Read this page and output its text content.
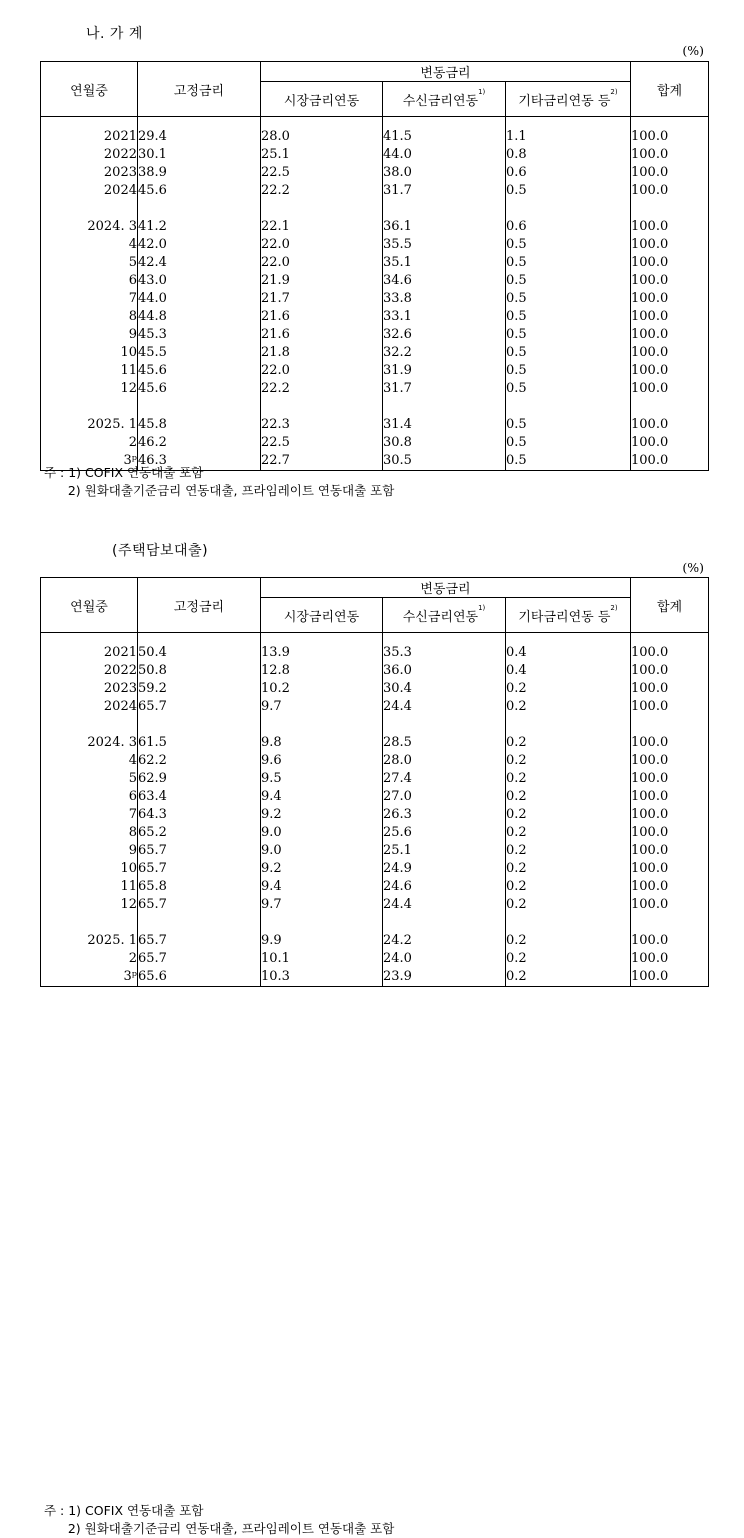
나. 가 계
(%)
연월중	고정금리	변동금리			합계
		시장금리연동	수신금리연동$^{1)}$	기타금리연동 등$^{2)}$

2021	29.4	28.0	41.5	1.1	100.0
2022	30.1	25.1	44.0	0.8	100.0
2023	38.9	22.5	38.0	0.6	100.0
2024	45.6	22.2	31.7	0.5	100.0

2024. 3	41.2	22.1	36.1	0.6	100.0
4	42.0	22.0	35.5	0.5	100.0
5	42.4	22.0	35.1	0.5	100.0
6	43.0	21.9	34.6	0.5	100.0
7	44.0	21.7	33.8	0.5	100.0
8	44.8	21.6	33.1	0.5	100.0
9	45.3	21.6	32.6	0.5	100.0
10	45.5	21.8	32.2	0.5	100.0
11	45.6	22.0	31.9	0.5	100.0
12	45.6	22.2	31.7	0.5	100.0

2025. 1	45.8	22.3	31.4	0.5	100.0
2	46.2	22.5	30.8	0.5	100.0
3ᵖ	46.3	22.7	30.5	0.5	100.0
주 : 1) COFIX 연동대출 포함
2) 원화대출기준금리 연동대출, 프라임레이트 연동대출 포함
(주택담보대출)
(%)
연월중	고정금리	변동금리			합계
		시장금리연동	수신금리연동$^{1)}$	기타금리연동 등$^{2)}$

2021	50.4	13.9	35.3	0.4	100.0
2022	50.8	12.8	36.0	0.4	100.0
2023	59.2	10.2	30.4	0.2	100.0
2024	65.7	9.7	24.4	0.2	100.0

2024. 3	61.5	9.8	28.5	0.2	100.0
4	62.2	9.6	28.0	0.2	100.0
5	62.9	9.5	27.4	0.2	100.0
6	63.4	9.4	27.0	0.2	100.0
7	64.3	9.2	26.3	0.2	100.0
8	65.2	9.0	25.6	0.2	100.0
9	65.7	9.0	25.1	0.2	100.0
10	65.7	9.2	24.9	0.2	100.0
11	65.8	9.4	24.6	0.2	100.0
12	65.7	9.7	24.4	0.2	100.0

2025. 1	65.7	9.9	24.2	0.2	100.0
2	65.7	10.1	24.0	0.2	100.0
3ᵖ	65.6	10.3	23.9	0.2	100.0
주 : 1) COFIX 연동대출 포함
2) 원화대출기준금리 연동대출, 프라임레이트 연동대출 포함
